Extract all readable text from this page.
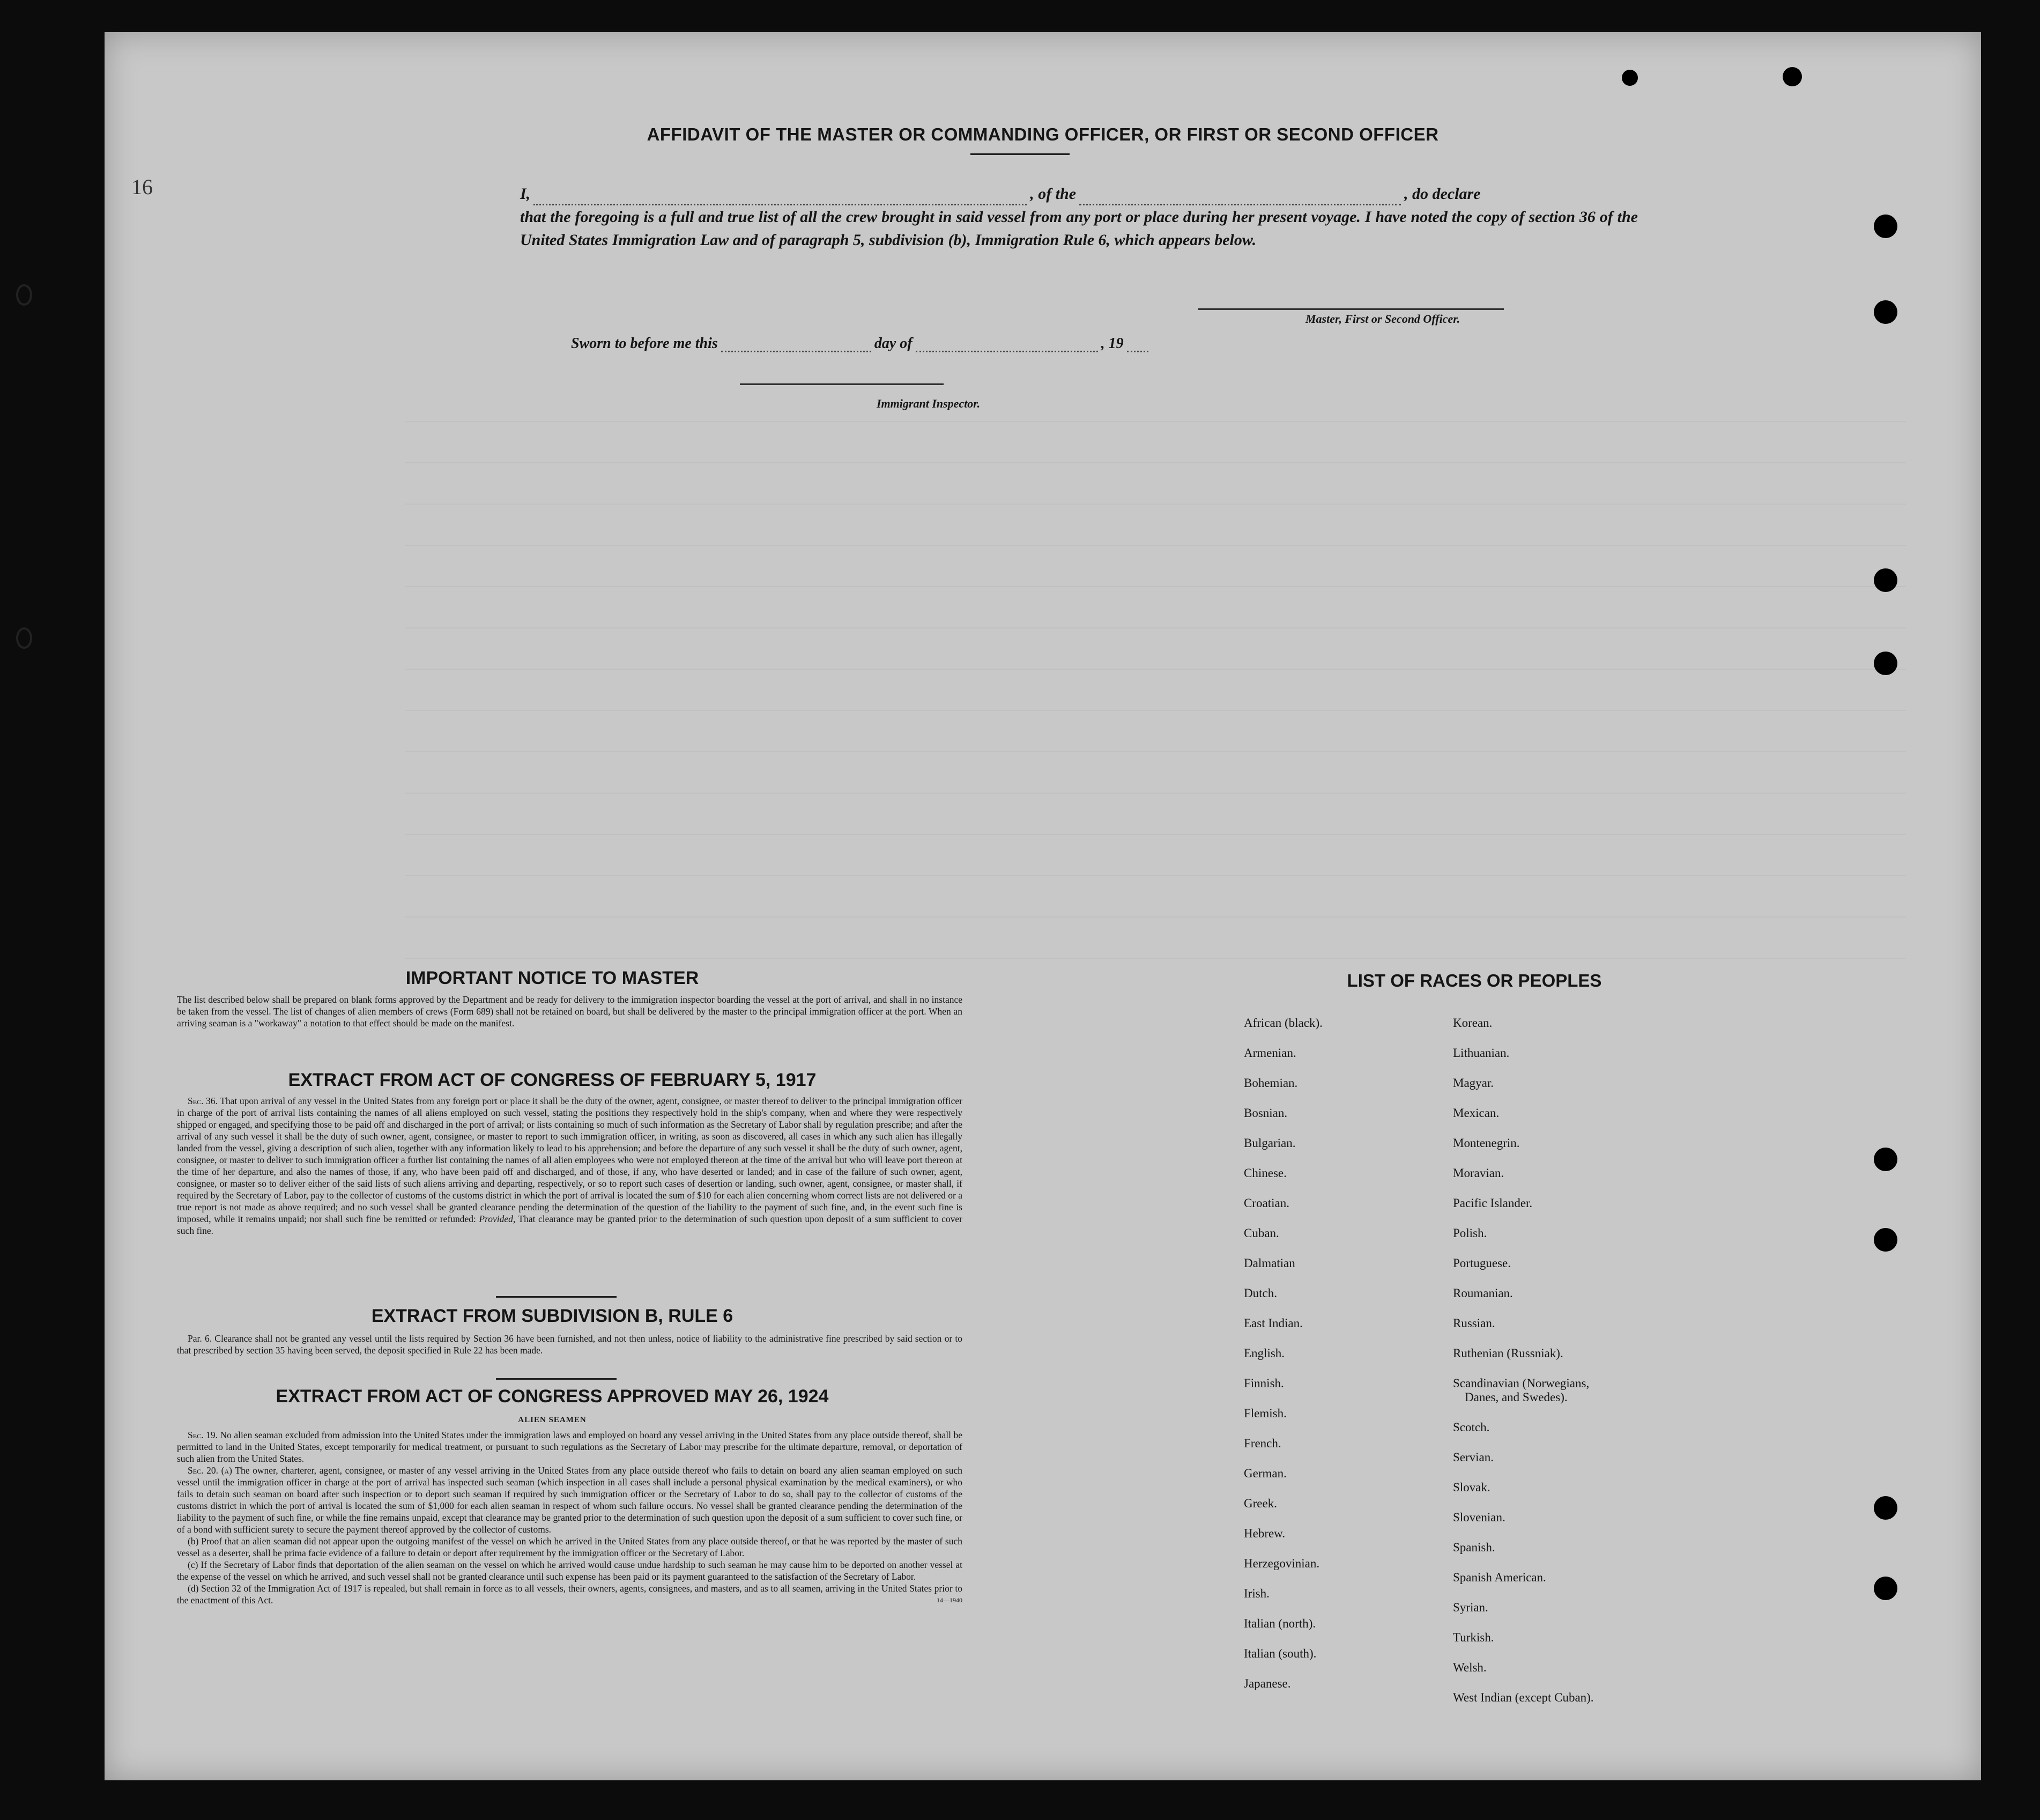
16
AFFIDAVIT OF THE MASTER OR COMMANDING OFFICER, OR FIRST OR SECOND OFFICER
I,	, of the	, do declare
that the foregoing is a full and true list of all the crew brought in said vessel from any port or place during her present voyage. I have noted the copy of section 36 of the United States Immigration Law and of paragraph 5, subdivision (b), Immigration Rule 6, which appears below.
Master, First or Second Officer.
Sworn to before me this	day of	, 19
Immigrant Inspector.
IMPORTANT NOTICE TO MASTER
The list described below shall be prepared on blank forms approved by the Department and be ready for delivery to the immigration inspector boarding the vessel at the port of arrival, and shall in no instance be taken from the vessel. The list of changes of alien members of crews (Form 689) shall not be retained on board, but shall be delivered by the master to the principal immigration officer at the port. When an arriving seaman is a "workaway" a notation to that effect should be made on the manifest.
EXTRACT FROM ACT OF CONGRESS OF FEBRUARY 5, 1917
Sec. 36. That upon arrival of any vessel in the United States from any foreign port or place it shall be the duty of the owner, agent, consignee, or master thereof to deliver to the principal immigration officer in charge of the port of arrival lists containing the names of all aliens employed on such vessel, stating the positions they respectively hold in the ship's company, when and where they were respectively shipped or engaged, and specifying those to be paid off and discharged in the port of arrival; or lists containing so much of such information as the Secretary of Labor shall by regulation prescribe; and after the arrival of any such vessel it shall be the duty of such owner, agent, consignee, or master to report to such immigration officer, in writing, as soon as discovered, all cases in which any such alien has illegally landed from the vessel, giving a description of such alien, together with any information likely to lead to his apprehension; and before the departure of any such vessel it shall be the duty of such owner, agent, consignee, or master to deliver to such immigration officer a further list containing the names of all alien employees who were not employed thereon at the time of the arrival but who will leave port thereon at the time of her departure, and also the names of those, if any, who have been paid off and discharged, and of those, if any, who have deserted or landed; and in case of the failure of such owner, agent, consignee, or master so to deliver either of the said lists of such aliens arriving and departing, respectively, or so to report such cases of desertion or landing, such owner, agent, consignee, or master shall, if required by the Secretary of Labor, pay to the collector of customs of the customs district in which the port of arrival is located the sum of $10 for each alien concerning whom correct lists are not delivered or a true report is not made as above required; and no such vessel shall be granted clearance pending the determination of the question of the liability to the payment of such fine, and, in the event such fine is imposed, while it remains unpaid; nor shall such fine be remitted or refunded: Provided, That clearance may be granted prior to the determination of such question upon deposit of a sum sufficient to cover such fine.
EXTRACT FROM SUBDIVISION B, RULE 6
Par. 6. Clearance shall not be granted any vessel until the lists required by Section 36 have been furnished, and not then unless, notice of liability to the administrative fine prescribed by said section or to that prescribed by section 35 having been served, the deposit specified in Rule 22 has been made.
EXTRACT FROM ACT OF CONGRESS APPROVED MAY 26, 1924
ALIEN SEAMEN
Sec. 19. No alien seaman excluded from admission into the United States under the immigration laws and employed on board any vessel arriving in the United States from any place outside thereof, shall be permitted to land in the United States, except temporarily for medical treatment, or pursuant to such regulations as the Secretary of Labor may prescribe for the ultimate departure, removal, or deportation of such alien from the United States.
Sec. 20. (a) The owner, charterer, agent, consignee, or master of any vessel arriving in the United States from any place outside thereof who fails to detain on board any alien seaman employed on such vessel until the immigration officer in charge at the port of arrival has inspected such seaman (which inspection in all cases shall include a personal physical examination by the medical examiners), or who fails to detain such seaman on board after such inspection or to deport such seaman if required by such immigration officer or the Secretary of Labor to do so, shall pay to the collector of customs of the customs district in which the port of arrival is located the sum of $1,000 for each alien seaman in respect of whom such failure occurs. No vessel shall be granted clearance pending the determination of the liability to the payment of such fine, or while the fine remains unpaid, except that clearance may be granted prior to the determination of such question upon the deposit of a sum sufficient to cover such fine, or of a bond with sufficient surety to secure the payment thereof approved by the collector of customs.
(b) Proof that an alien seaman did not appear upon the outgoing manifest of the vessel on which he arrived in the United States from any place outside thereof, or that he was reported by the master of such vessel as a deserter, shall be prima facie evidence of a failure to detain or deport after requirement by the immigration officer or the Secretary of Labor.
(c) If the Secretary of Labor finds that deportation of the alien seaman on the vessel on which he arrived would cause undue hardship to such seaman he may cause him to be deported on another vessel at the expense of the vessel on which he arrived, and such vessel shall not be granted clearance until such expense has been paid or its payment guaranteed to the satisfaction of the Secretary of Labor.
(d) Section 32 of the Immigration Act of 1917 is repealed, but shall remain in force as to all vessels, their owners, agents, consignees, and masters, and as to all seamen, arriving in the United States prior to the enactment of this Act.	14—1940
LIST OF RACES OR PEOPLES
African (black).
Armenian.
Bohemian.
Bosnian.
Bulgarian.
Chinese.
Croatian.
Cuban.
Dalmatian
Dutch.
East Indian.
English.
Finnish.
Flemish.
French.
German.
Greek.
Hebrew.
Herzegovinian.
Irish.
Italian (north).
Italian (south).
Japanese.
Korean.
Lithuanian.
Magyar.
Mexican.
Montenegrin.
Moravian.
Pacific Islander.
Polish.
Portuguese.
Roumanian.
Russian.
Ruthenian (Russniak).
Scandinavian (Norwegians,
Danes, and Swedes).
Scotch.
Servian.
Slovak.
Slovenian.
Spanish.
Spanish American.
Syrian.
Turkish.
Welsh.
West Indian (except Cuban).
